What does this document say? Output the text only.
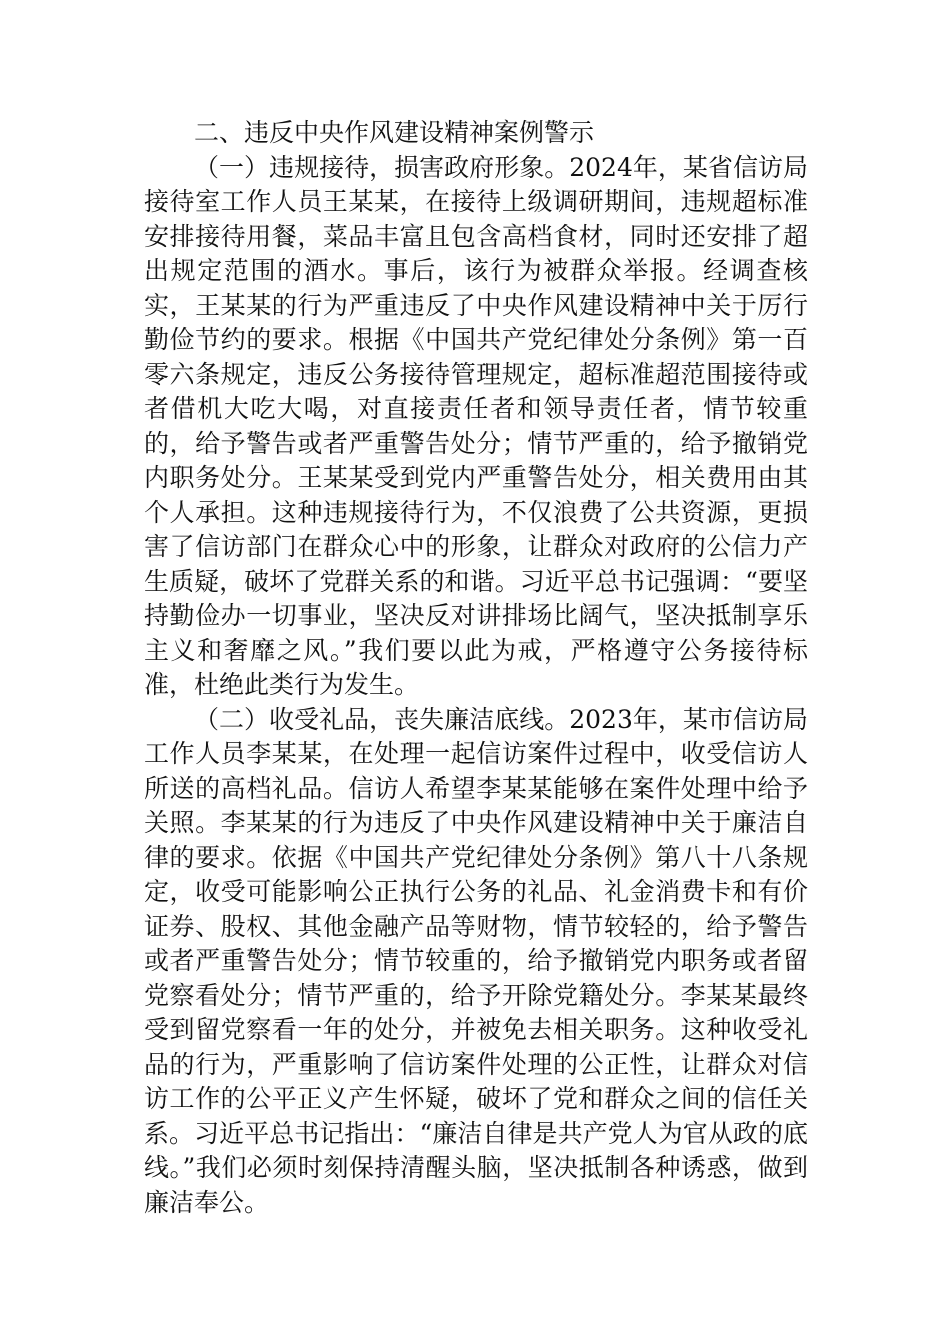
二、违反中央作风建设精神案例警示

（一）违规接待，损害政府形象。2024年，某省信访局接待室工作人员王某某，在接待上级调研期间，违规超标准安排接待用餐，菜品丰富且包含高档食材，同时还安排了超出规定范围的酒水。事后，该行为被群众举报。经调查核实，王某某的行为严重违反了中央作风建设精神中关于厉行勤俭节约的要求。根据《中国共产党纪律处分条例》第一百零六条规定，违反公务接待管理规定，超标准超范围接待或者借机大吃大喝，对直接责任者和领导责任者，情节较重的，给予警告或者严重警告处分；情节严重的，给予撤销党内职务处分。王某某受到党内严重警告处分，相关费用由其个人承担。这种违规接待行为，不仅浪费了公共资源，更损害了信访部门在群众心中的形象，让群众对政府的公信力产生质疑，破坏了党群关系的和谐。习近平总书记强调：“要坚持勤俭办一切事业，坚决反对讲排场比阔气，坚决抵制享乐主义和奢靡之风。”我们要以此为戒，严格遵守公务接待标准，杜绝此类行为发生。

（二）收受礼品，丧失廉洁底线。2023年，某市信访局工作人员李某某，在处理一起信访案件过程中，收受信访人所送的高档礼品。信访人希望李某某能够在案件处理中给予关照。李某某的行为违反了中央作风建设精神中关于廉洁自律的要求。依据《中国共产党纪律处分条例》第八十八条规定，收受可能影响公正执行公务的礼品、礼金消费卡和有价证券、股权、其他金融产品等财物，情节较轻的，给予警告或者严重警告处分；情节较重的，给予撤销党内职务或者留党察看处分；情节严重的，给予开除党籍处分。李某某最终受到留党察看一年的处分，并被免去相关职务。这种收受礼品的行为，严重影响了信访案件处理的公正性，让群众对信访工作的公平正义产生怀疑，破坏了党和群众之间的信任关系。习近平总书记指出：“廉洁自律是共产党人为官从政的底线。”我们必须时刻保持清醒头脑，坚决抵制各种诱惑，做到廉洁奉公。
